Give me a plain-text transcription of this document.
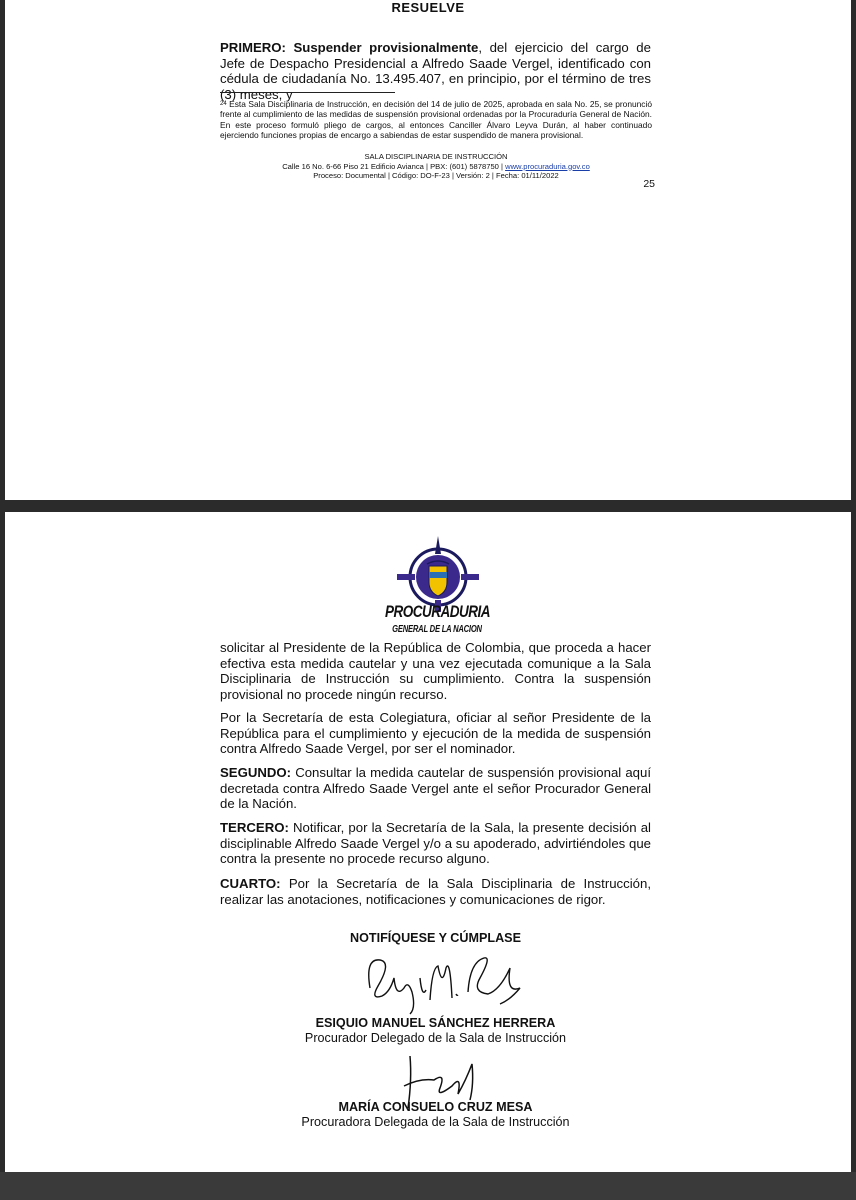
RESUELVE

PRIMERO: Suspender provisionalmente, del ejercicio del cargo de Jefe de Despacho Presidencial a Alfredo Saade Vergel, identificado con cédula de ciudadanía No. 13.495.407, en principio, por el término de tres (3) meses, y

$^{24}$ Esta Sala Disciplinaria de Instrucción, en decisión del 14 de julio de 2025, aprobada en sala No. 25, se pronunció frente al cumplimiento de las medidas de suspensión provisional ordenadas por la Procuraduría General de Nación. En este proceso formuló pliego de cargos, al entonces Canciller Álvaro Leyva Durán, al haber continuado ejerciendo funciones propias de encargo a sabiendas de estar suspendido de manera provisional.
SALA DISCIPLINARIA DE INSTRUCCIÓN
Calle 16 No. 6-66 Piso 21 Edificio Avianca | PBX: (601) 5878750 | www.procuraduria.gov.co
Proceso: Documental | Código: DO-F-23 | Versión: 2 | Fecha: 01/11/2022
25
PROCURADURIA
GENERAL DE LA NACION

solicitar al Presidente de la República de Colombia, que proceda a hacer efectiva esta medida cautelar y una vez ejecutada comunique a la Sala Disciplinaria de Instrucción su cumplimiento. Contra la suspensión provisional no procede ningún recurso.

Por la Secretaría de esta Colegiatura, oficiar al señor Presidente de la República para el cumplimiento y ejecución de la medida de suspensión contra Alfredo Saade Vergel, por ser el nominador.

SEGUNDO: Consultar la medida cautelar de suspensión provisional aquí decretada contra Alfredo Saade Vergel ante el señor Procurador General de la Nación.

TERCERO: Notificar, por la Secretaría de la Sala, la presente decisión al disciplinable Alfredo Saade Vergel y/o a su apoderado, advirtiéndoles que contra la presente no procede recurso alguno.

CUARTO: Por la Secretaría de la Sala Disciplinaria de Instrucción, realizar las anotaciones, notificaciones y comunicaciones de rigor.

NOTIFÍQUESE Y CÚMPLASE
ESIQUIO MANUEL SÁNCHEZ HERRERA
Procurador Delegado de la Sala de Instrucción
MARÍA CONSUELO CRUZ MESA
Procuradora Delegada de la Sala de Instrucción
